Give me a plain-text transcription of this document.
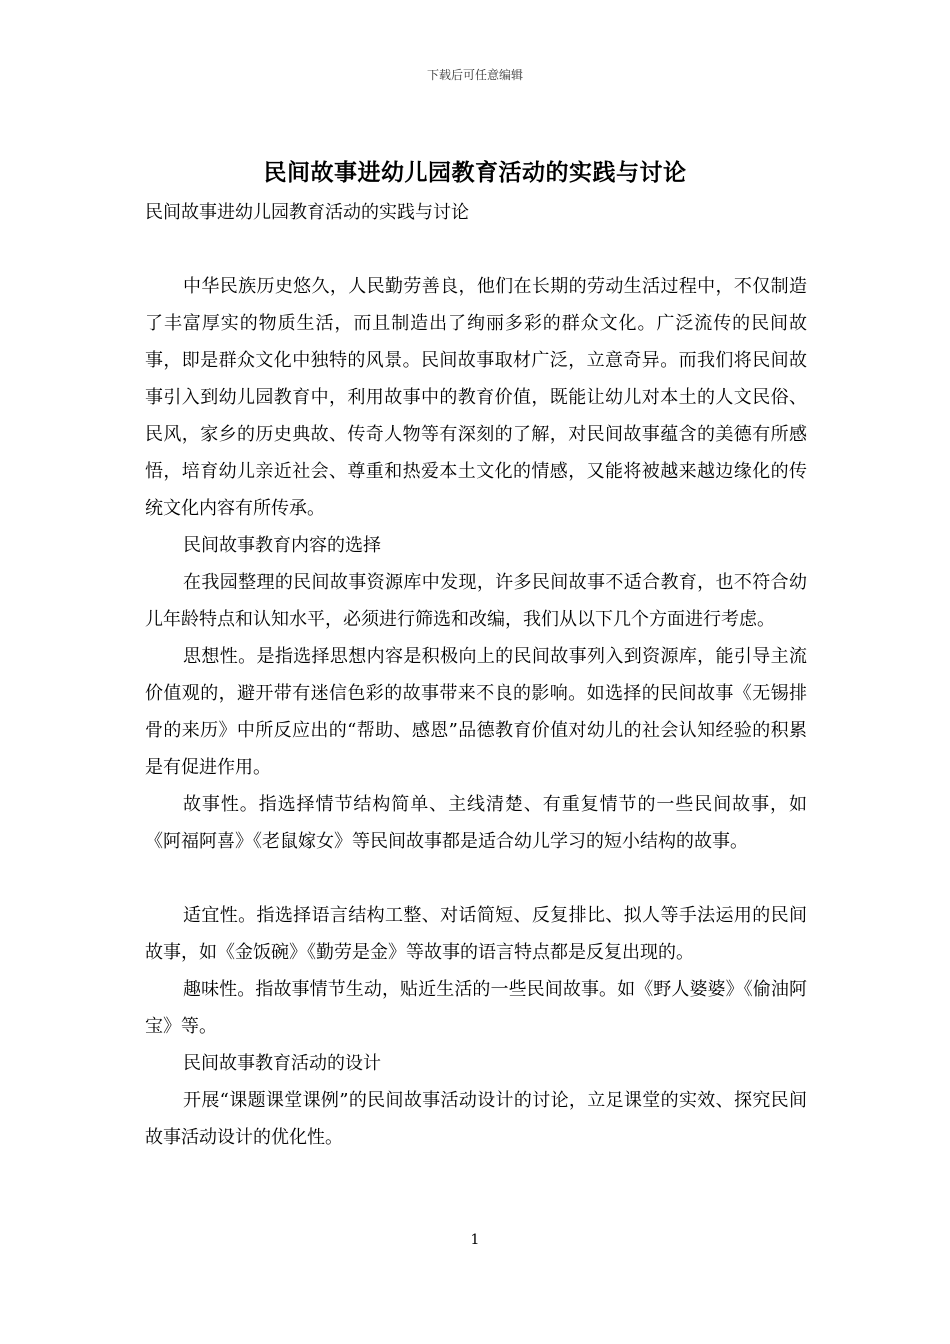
下载后可任意编辑
民间故事进幼儿园教育活动的实践与讨论
民间故事进幼儿园教育活动的实践与讨论

中华民族历史悠久，人民勤劳善良，他们在长期的劳动生活过程中，不仅制造了丰富厚实的物质生活，而且制造出了绚丽多彩的群众文化。广泛流传的民间故事，即是群众文化中独特的风景。民间故事取材广泛，立意奇异。而我们将民间故事引入到幼儿园教育中，利用故事中的教育价值，既能让幼儿对本土的人文民俗、民风，家乡的历史典故、传奇人物等有深刻的了解，对民间故事蕴含的美德有所感悟，培育幼儿亲近社会、尊重和热爱本土文化的情感，又能将被越来越边缘化的传统文化内容有所传承。

民间故事教育内容的选择

在我园整理的民间故事资源库中发现，许多民间故事不适合教育，也不符合幼儿年龄特点和认知水平，必须进行筛选和改编，我们从以下几个方面进行考虑。

思想性。是指选择思想内容是积极向上的民间故事列入到资源库，能引导主流价值观的，避开带有迷信色彩的故事带来不良的影响。如选择的民间故事《无锡排骨的来历》中所反应出的“帮助、感恩”品德教育价值对幼儿的社会认知经验的积累是有促进作用。

故事性。指选择情节结构简单、主线清楚、有重复情节的一些民间故事，如《阿福阿喜》《老鼠嫁女》等民间故事都是适合幼儿学习的短小结构的故事。

适宜性。指选择语言结构工整、对话简短、反复排比、拟人等手法运用的民间故事，如《金饭碗》《勤劳是金》等故事的语言特点都是反复出现的。

趣味性。指故事情节生动，贴近生活的一些民间故事。如《野人婆婆》《偷油阿宝》等。

民间故事教育活动的设计

开展“课题课堂课例”的民间故事活动设计的讨论，立足课堂的实效、探究民间故事活动设计的优化性。

1
